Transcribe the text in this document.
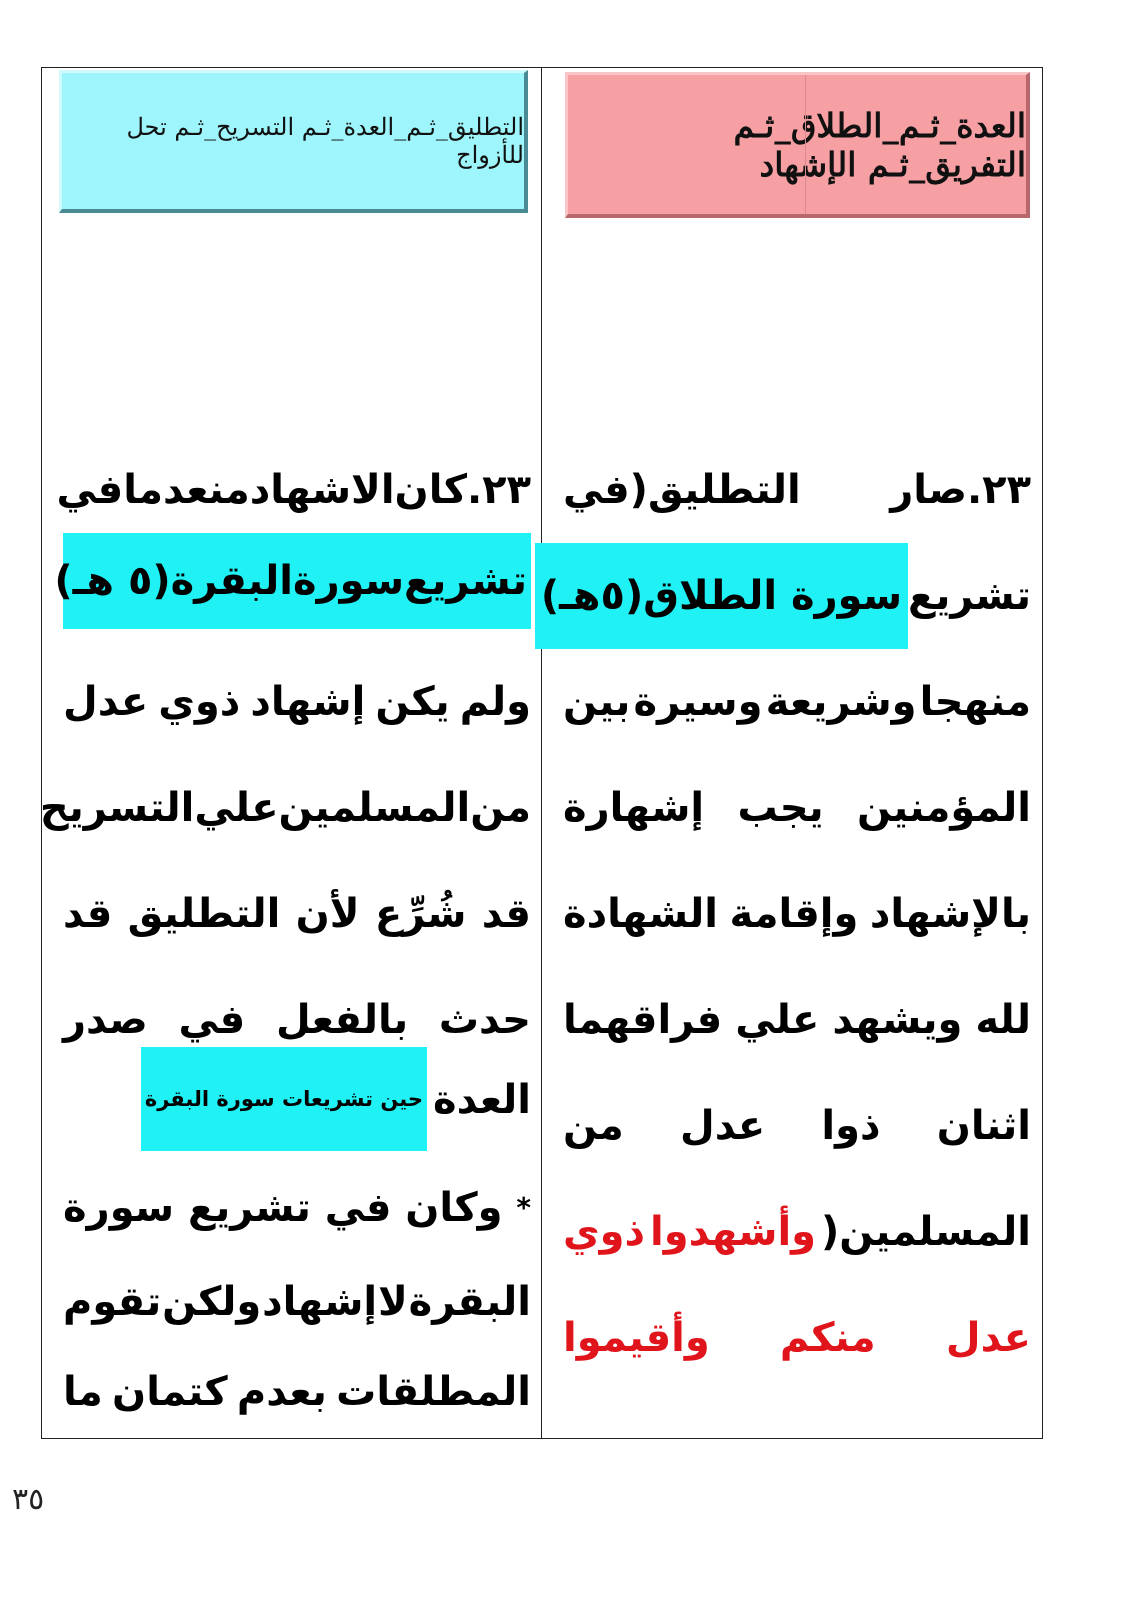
العدة_ثـم_الطلاق_ثـم التفريق_ثـم الإشهاد
التطليق_ثـم_العدة_ثـم التسريح_ثـم تحل للأزواج
٢٣.صار
التطليق(في
تشريع
سورة الطلاق(٥هـ)
منهجا
وشريعة
وسيرة
بين
المؤمنين
يجب
إشهارة
بالإشهاد
وإقامة
الشهادة
لله
ويشهد
علي
فراقهما
اثنان
ذوا
عدل
من
المسلمين(
وأشهدوا
ذوي
عدل
منكم
وأقيموا
٢٣.
كان
الاشهاد
منعدما
في
تشريع
سورة
البقرة(٥ هـ)
ولم
يكن
إشهاد
ذوي
عدل
من
المسلمين
علي
التسريح
قد
شُرِّع
لأن
التطليق
قد
حدث
بالفعل
في
صدر
العدة
حين تشريعات سورة البقرة
*
وكان
في
تشريع
سورة
البقرة
لا
إشهاد
ولكن
تقوم
المطلقات
بعدم
كتمان
ما
٣٥
